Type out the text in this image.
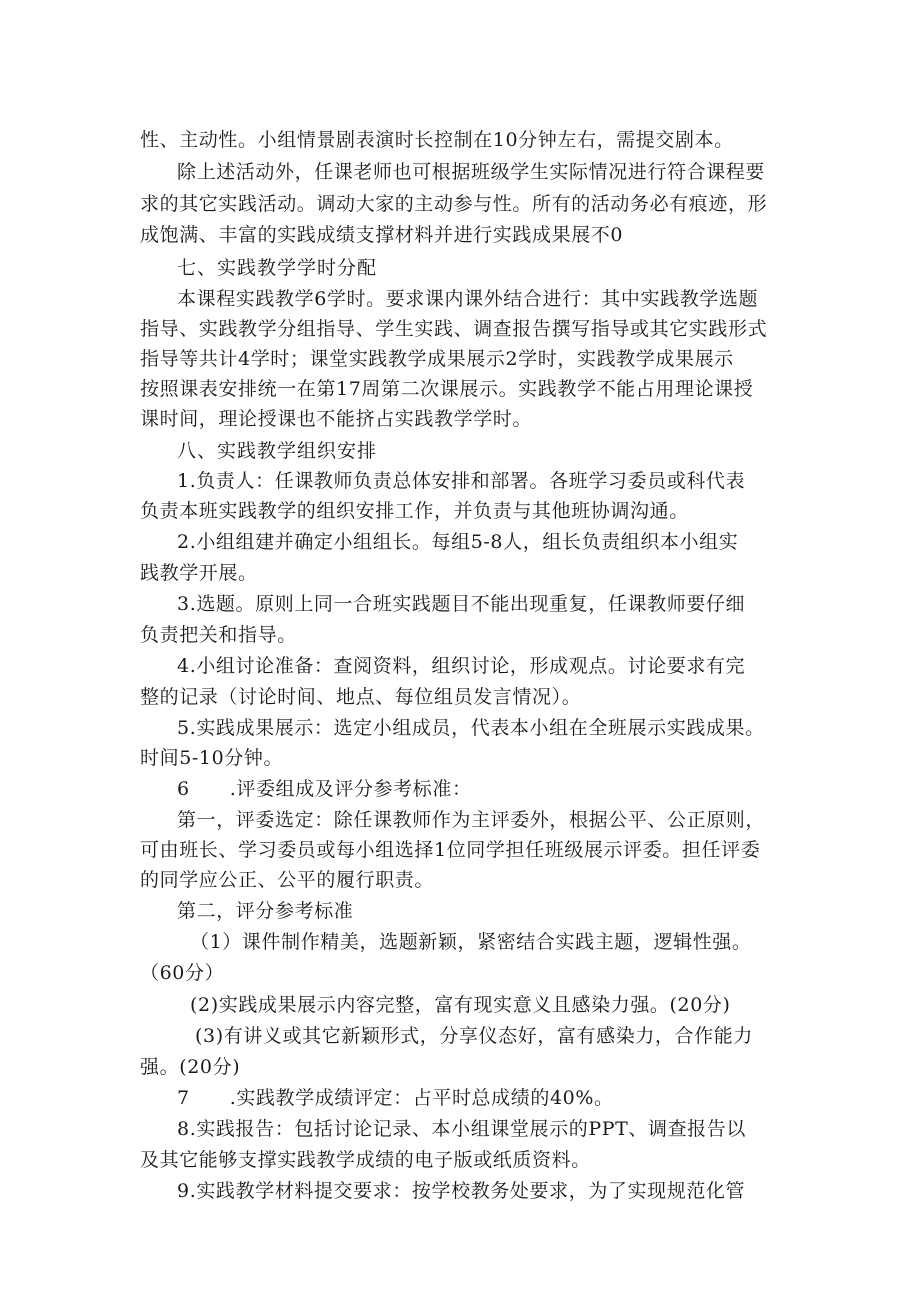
性、主动性。小组情景剧表演时长控制在10分钟左右，需提交剧本。
除上述活动外，任课老师也可根据班级学生实际情况进行符合课程要
求的其它实践活动。调动大家的主动参与性。所有的活动务必有痕迹，形
成饱满、丰富的实践成绩支撑材料并进行实践成果展不0
七、实践教学学时分配
本课程实践教学6学时。要求课内课外结合进行：其中实践教学选题
指导、实践教学分组指导、学生实践、调查报告撰写指导或其它实践形式
指导等共计4学时；课堂实践教学成果展示2学时，实践教学成果展示
按照课表安排统一在第17周第二次课展示。实践教学不能占用理论课授
课时间，理论授课也不能挤占实践教学学时。
八、实践教学组织安排
1.负责人：任课教师负责总体安排和部署。各班学习委员或科代表
负责本班实践教学的组织安排工作，并负责与其他班协调沟通。
2.小组组建并确定小组组长。每组5-8人，组长负责组织本小组实
践教学开展。
3.选题。原则上同一合班实践题目不能出现重复，任课教师要仔细
负责把关和指导。
4.小组讨论准备：查阅资料，组织讨论，形成观点。讨论要求有完
整的记录（讨论时间、地点、每位组员发言情况）。
5.实践成果展示：选定小组成员，代表本小组在全班展示实践成果。
时间5-10分钟。
6 .评委组成及评分参考标准：
第一，评委选定：除任课教师作为主评委外，根据公平、公正原则，
可由班长、学习委员或每小组选择1位同学担任班级展示评委。担任评委
的同学应公正、公平的履行职责。
第二，评分参考标准
（1）课件制作精美，选题新颖，紧密结合实践主题，逻辑性强。
（60分）
(2)实践成果展示内容完整，富有现实意义且感染力强。(20分)
(3)有讲义或其它新颖形式，分享仪态好，富有感染力，合作能力
强。(20分)
7 .实践教学成绩评定：占平时总成绩的40%。
8.实践报告：包括讨论记录、本小组课堂展示的PPT、调查报告以
及其它能够支撑实践教学成绩的电子版或纸质资料。
9.实践教学材料提交要求：按学校教务处要求，为了实现规范化管
